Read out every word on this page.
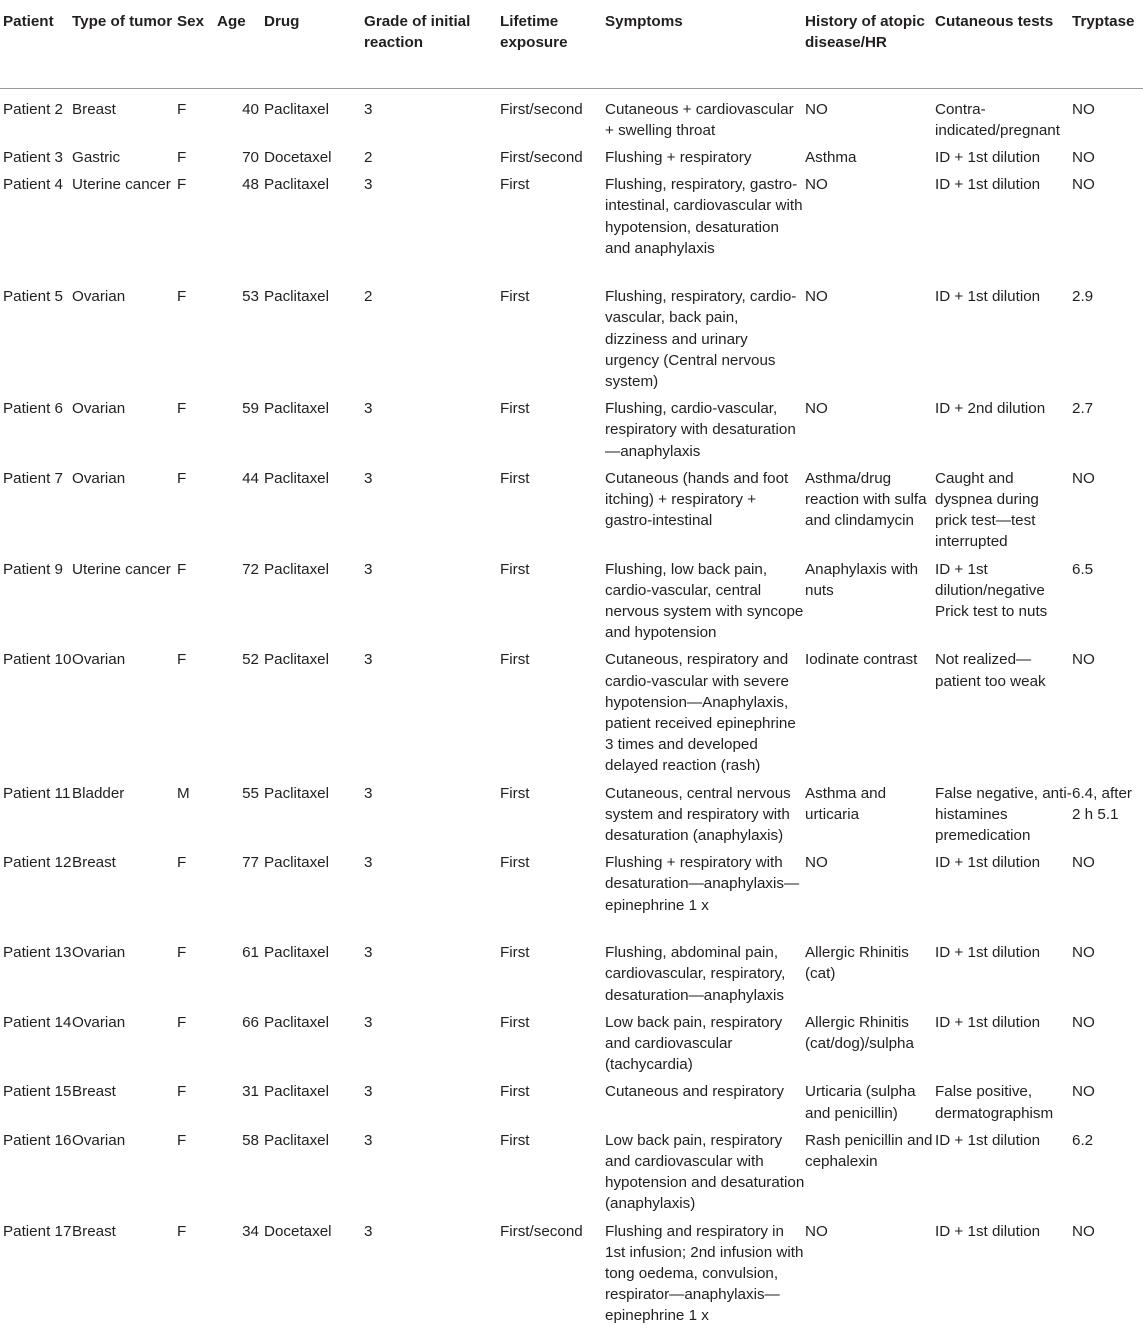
Patient	Type of tumor	Sex	Age	Drug	Grade of initial reaction	Lifetime exposure	Symptoms	History of atopic disease/HR	Cutaneous tests	Tryptase
Patient 2	Breast	F	40	Paclitaxel	3	First/second	Cutaneous + cardiovascular + swelling throat	NO	Contra-indicated/pregnant	NO
Patient 3	Gastric	F	70	Docetaxel	2	First/second	Flushing + respiratory	Asthma	ID + 1st dilution	NO
Patient 4	Uterine cancer	F	48	Paclitaxel	3	First	Flushing, respiratory, gastro-intestinal, cardiovascular with hypotension, desaturation and anaphylaxis	NO	ID + 1st dilution	NO
Patient 5	Ovarian	F	53	Paclitaxel	2	First	Flushing, respiratory, cardio-vascular, back pain, dizziness and urinary urgency (Central nervous system)	NO	ID + 1st dilution	2.9
Patient 6	Ovarian	F	59	Paclitaxel	3	First	Flushing, cardio-vascular, respiratory with desaturation—anaphylaxis	NO	ID + 2nd dilution	2.7
Patient 7	Ovarian	F	44	Paclitaxel	3	First	Cutaneous (hands and foot itching) + respiratory + gastro-intestinal	Asthma/drug reaction with sulfa and clindamycin	Caught and dyspnea during prick test—test interrupted	NO
Patient 9	Uterine cancer	F	72	Paclitaxel	3	First	Flushing, low back pain, cardio-vascular, central nervous system with syncope and hypotension	Anaphylaxis with nuts	ID + 1st dilution/negative Prick test to nuts	6.5
Patient 10	Ovarian	F	52	Paclitaxel	3	First	Cutaneous, respiratory and cardio-vascular with severe hypotension—Anaphylaxis, patient received epinephrine 3 times and developed delayed reaction (rash)	Iodinate contrast	Not realized—patient too weak	NO
Patient 11	Bladder	M	55	Paclitaxel	3	First	Cutaneous, central nervous system and respiratory with desaturation (anaphylaxis)	Asthma and urticaria	False negative, anti-histamines premedication	6.4, after 2 h 5.1
Patient 12	Breast	F	77	Paclitaxel	3	First	Flushing + respiratory with desaturation—anaphylaxis—epinephrine 1 x	NO	ID + 1st dilution	NO
Patient 13	Ovarian	F	61	Paclitaxel	3	First	Flushing, abdominal pain, cardiovascular, respiratory, desaturation—anaphylaxis	Allergic Rhinitis (cat)	ID + 1st dilution	NO
Patient 14	Ovarian	F	66	Paclitaxel	3	First	Low back pain, respiratory and cardiovascular (tachycardia)	Allergic Rhinitis (cat/dog)/sulpha	ID + 1st dilution	NO
Patient 15	Breast	F	31	Paclitaxel	3	First	Cutaneous and respiratory	Urticaria (sulpha and penicillin)	False positive, dermatographism	NO
Patient 16	Ovarian	F	58	Paclitaxel	3	First	Low back pain, respiratory and cardiovascular with hypotension and desaturation (anaphylaxis)	Rash penicillin and cephalexin	ID + 1st dilution	6.2
Patient 17	Breast	F	34	Docetaxel	3	First/second	Flushing and respiratory in 1st infusion; 2nd infusion with tong oedema, convulsion, respirator—anaphylaxis—epinephrine 1 x	NO	ID + 1st dilution	NO
